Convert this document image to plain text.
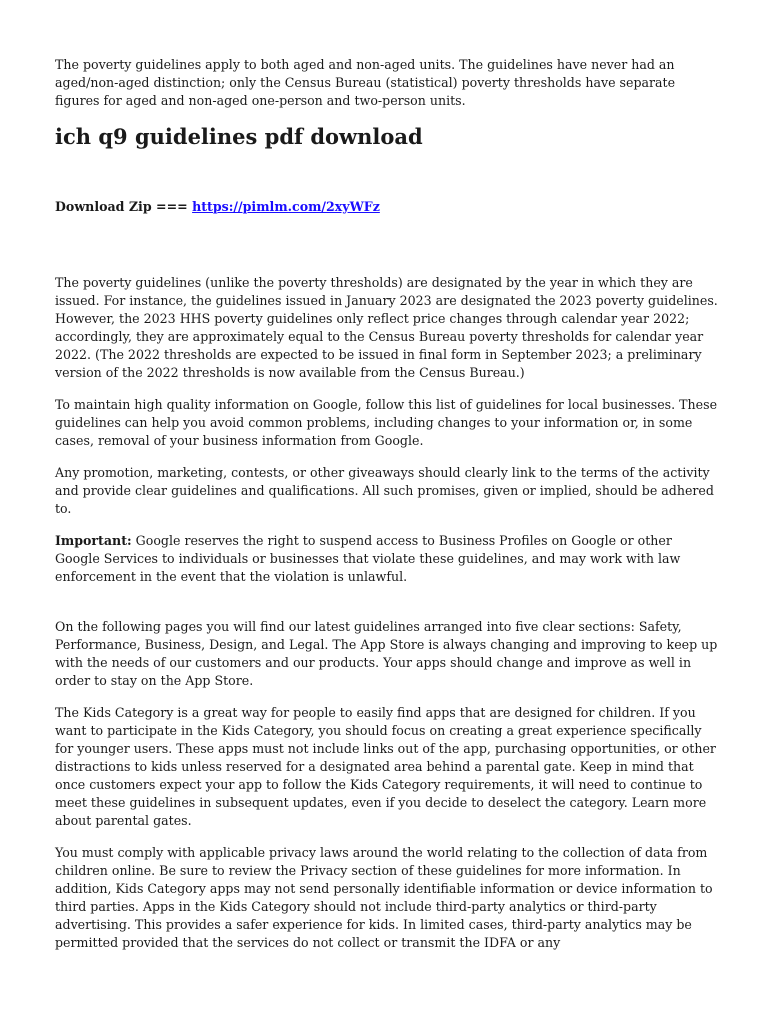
The poverty guidelines apply to both aged and non-aged units. The guidelines have never had an aged/non-aged distinction; only the Census Bureau (statistical) poverty thresholds have separate figures for aged and non-aged one-person and two-person units.

ich q9 guidelines pdf download

Download Zip === https://pimlm.com/2xyWFz

The poverty guidelines (unlike the poverty thresholds) are designated by the year in which they are issued. For instance, the guidelines issued in January 2023 are designated the 2023 poverty guidelines. However, the 2023 HHS poverty guidelines only reflect price changes through calendar year 2022; accordingly, they are approximately equal to the Census Bureau poverty thresholds for calendar year 2022. (The 2022 thresholds are expected to be issued in final form in September 2023; a preliminary version of the 2022 thresholds is now available from the Census Bureau.)

To maintain high quality information on Google, follow this list of guidelines for local businesses. These guidelines can help you avoid common problems, including changes to your information or, in some cases, removal of your business information from Google.

Any promotion, marketing, contests, or other giveaways should clearly link to the terms of the activity and provide clear guidelines and qualifications. All such promises, given or implied, should be adhered to.

Important: Google reserves the right to suspend access to Business Profiles on Google or other Google Services to individuals or businesses that violate these guidelines, and may work with law enforcement in the event that the violation is unlawful.

On the following pages you will find our latest guidelines arranged into five clear sections: Safety, Performance, Business, Design, and Legal. The App Store is always changing and improving to keep up with the needs of our customers and our products. Your apps should change and improve as well in order to stay on the App Store.

The Kids Category is a great way for people to easily find apps that are designed for children. If you want to participate in the Kids Category, you should focus on creating a great experience specifically for younger users. These apps must not include links out of the app, purchasing opportunities, or other distractions to kids unless reserved for a designated area behind a parental gate. Keep in mind that once customers expect your app to follow the Kids Category requirements, it will need to continue to meet these guidelines in subsequent updates, even if you decide to deselect the category. Learn more about parental gates.

You must comply with applicable privacy laws around the world relating to the collection of data from children online. Be sure to review the Privacy section of these guidelines for more information. In addition, Kids Category apps may not send personally identifiable information or device information to third parties. Apps in the Kids Category should not include third-party analytics or third-party advertising. This provides a safer experience for kids. In limited cases, third-party analytics may be permitted provided that the services do not collect or transmit the IDFA or any
